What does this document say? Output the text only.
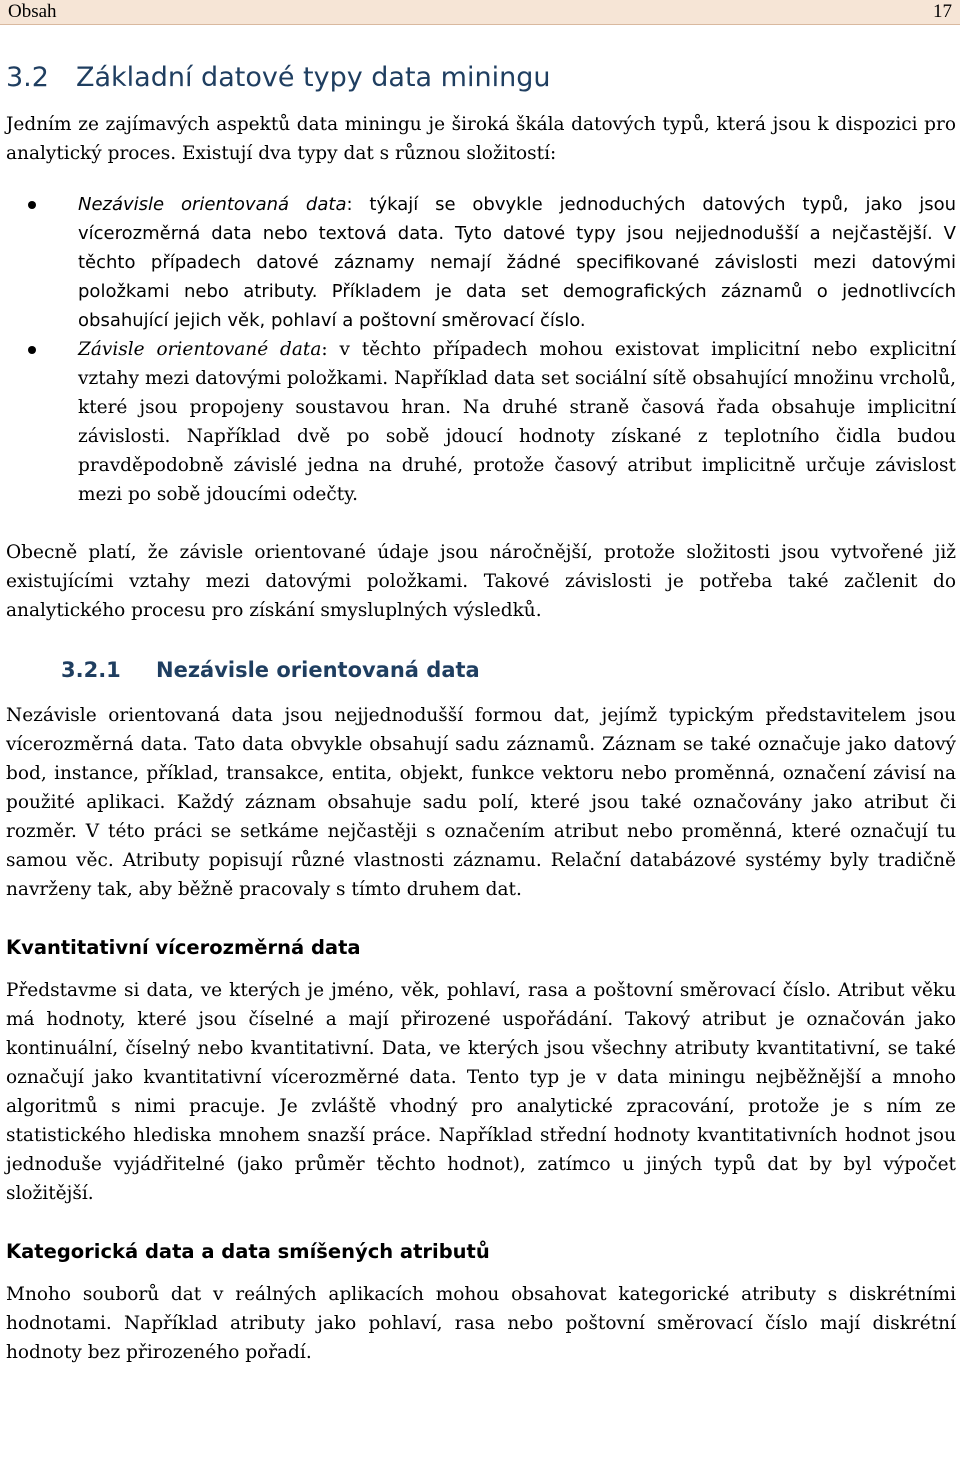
Obsah	17
3.2 Základní datové typy data miningu

Jedním ze zajímavých aspektů data miningu je široká škála datových typů, která jsou k dispozici pro analytický proces. Existují dva typy dat s různou složitostí:

Nezávisle orientovaná data: týkají se obvykle jednoduchých datových typů, jako jsou vícerozměrná data nebo textová data. Tyto datové typy jsou nejjednodušší a nejčastější. V těchto případech datové záznamy nemají žádné specifikované závislosti mezi datovými položkami nebo atributy. Příkladem je data set demografických záznamů o jednotlivcích obsahující jejich věk, pohlaví a poštovní směrovací číslo.

Závisle orientované data: v těchto případech mohou existovat implicitní nebo explicitní vztahy mezi datovými položkami. Například data set sociální sítě obsahující množinu vrcholů, které jsou propojeny soustavou hran. Na druhé straně časová řada obsahuje implicitní závislosti. Například dvě po sobě jdoucí hodnoty získané z teplotního čidla budou pravděpodobně závislé jedna na druhé, protože časový atribut implicitně určuje závislost mezi po sobě jdoucími odečty.

Obecně platí, že závisle orientované údaje jsou náročnější, protože složitosti jsou vytvořené již existujícími vztahy mezi datovými položkami. Takové závislosti je potřeba také začlenit do analytického procesu pro získání smysluplných výsledků.

3.2.1 Nezávisle orientovaná data

Nezávisle orientovaná data jsou nejjednodušší formou dat, jejímž typickým představitelem jsou vícerozměrná data. Tato data obvykle obsahují sadu záznamů. Záznam se také označuje jako datový bod, instance, příklad, transakce, entita, objekt, funkce vektoru nebo proměnná, označení závisí na použité aplikaci. Každý záznam obsahuje sadu polí, které jsou také označovány jako atribut či rozměr. V této práci se setkáme nejčastěji s označením atribut nebo proměnná, které označují tu samou věc. Atributy popisují různé vlastnosti záznamu. Relační databázové systémy byly tradičně navrženy tak, aby běžně pracovaly s tímto druhem dat.

Kvantitativní vícerozměrná data

Představme si data, ve kterých je jméno, věk, pohlaví, rasa a poštovní směrovací číslo. Atribut věku má hodnoty, které jsou číselné a mají přirozené uspořádání. Takový atribut je označován jako kontinuální, číselný nebo kvantitativní. Data, ve kterých jsou všechny atributy kvantitativní, se také označují jako kvantitativní vícerozměrné data. Tento typ je v data miningu nejběžnější a mnoho algoritmů s nimi pracuje. Je zvláště vhodný pro analytické zpracování, protože je s ním ze statistického hlediska mnohem snazší práce. Například střední hodnoty kvantitativních hodnot jsou jednoduše vyjádřitelné (jako průměr těchto hodnot), zatímco u jiných typů dat by byl výpočet složitější.

Kategorická data a data smíšených atributů

Mnoho souborů dat v reálných aplikacích mohou obsahovat kategorické atributy s diskrétními hodnotami. Například atributy jako pohlaví, rasa nebo poštovní směrovací číslo mají diskrétní hodnoty bez přirozeného pořadí.
